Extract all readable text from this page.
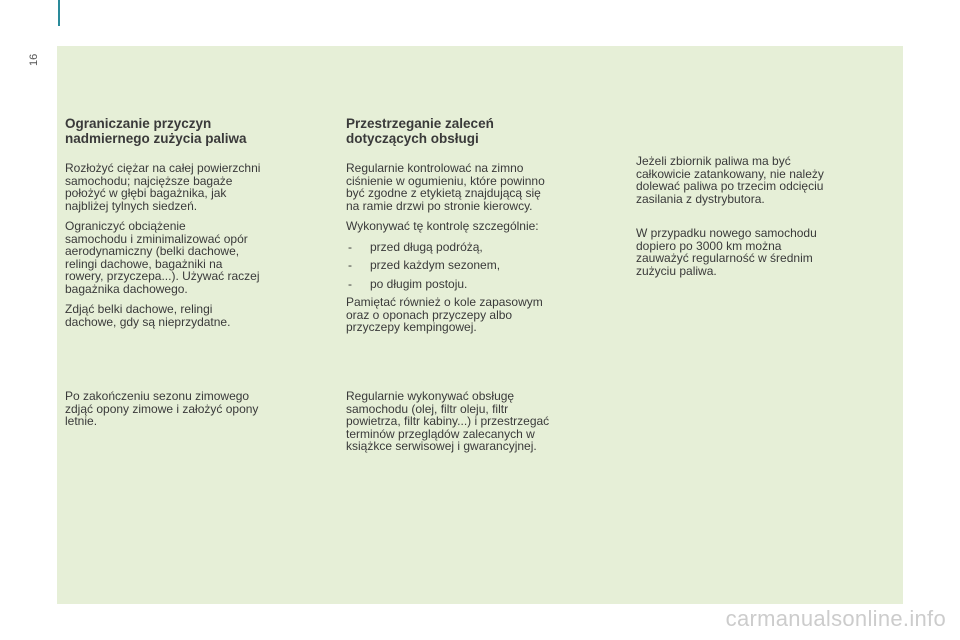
16
Ograniczanie przyczyn
nadmiernego zużycia paliwa

Rozłożyć ciężar na całej powierzchni
samochodu; najcięższe bagaże
położyć w głębi bagażnika, jak
najbliżej tylnych siedzeń.

Ograniczyć obciążenie
samochodu i zminimalizować opór
aerodynamiczny (belki dachowe,
relingi dachowe, bagażniki na
rowery, przyczepa...). Używać raczej
bagażnika dachowego.

Zdjąć belki dachowe, relingi
dachowe, gdy są nieprzydatne.

Po zakończeniu sezonu zimowego
zdjąć opony zimowe i założyć opony
letnie.

Przestrzeganie zaleceń
dotyczących obsługi

Regularnie kontrolować na zimno
ciśnienie w ogumieniu, które powinno
być zgodne z etykietą znajdującą się
na ramie drzwi po stronie kierowcy.

Wykonywać tę kontrolę szczególnie:

- przed długą podróżą,
- przed każdym sezonem,
- po długim postoju.

Pamiętać również o kole zapasowym
oraz o oponach przyczepy albo
przyczepy kempingowej.

Regularnie wykonywać obsługę
samochodu (olej, filtr oleju, filtr
powietrza, filtr kabiny...) i przestrzegać
terminów przeglądów zalecanych w
książkce serwisowej i gwarancyjnej.

Jeżeli zbiornik paliwa ma być
całkowicie zatankowany, nie należy
dolewać paliwa po trzecim odcięciu
zasilania z dystrybutora.

W przypadku nowego samochodu
dopiero po 3000 km można
zauważyć regularność w średnim
zużyciu paliwa.

carmanualsonline.info
